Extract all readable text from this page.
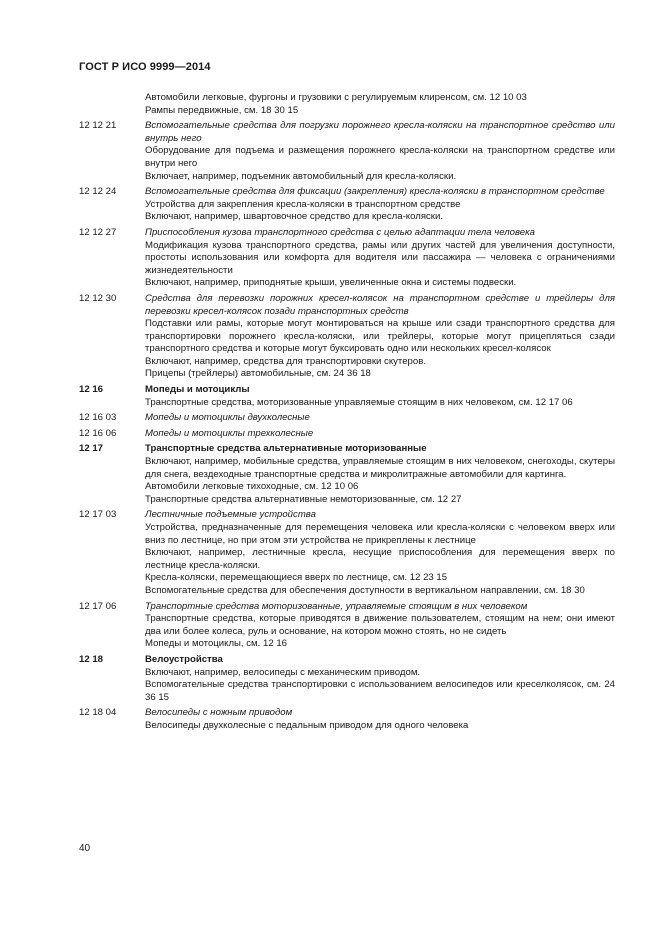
ГОСТ Р ИСО 9999—2014
Автомобили легковые, фургоны и грузовики с регулируемым клиренсом, см. 12 10 03
Рампы передвижные, см. 18 30 15
12 12 21	Вспомогательные средства для погрузки порожнего кресла-коляски на транспортное средство или внутрь него
Оборудование для подъема и размещения порожнего кресла-коляски на транспортном средстве или внутри него
Включает, например, подъемник автомобильный для кресла-коляски.
12 12 24	Вспомогательные средства для фиксации (закрепления) кресла-коляски в транспортном средстве
Устройства для закрепления кресла-коляски в транспортном средстве
Включают, например, швартовочное средство для кресла-коляски.
12 12 27	Приспособления кузова транспортного средства с целью адаптации тела человека
Модификация кузова транспортного средства, рамы или других частей для увеличения доступности, простоты использования или комфорта для водителя или пассажира — человека с ограничениями жизнедеятельности
Включают, например, приподнятые крыши, увеличенные окна и системы подвески.
12 12 30	Средства для перевозки порожних кресел-колясок на транспортном средстве и трейлеры для перевозки кресел-колясок позади транспортных средств
Подставки или рамы, которые могут монтироваться на крыше или сзади транспортного средства для транспортировки порожнего кресла-коляски, или трейлеры, которые могут прицепляться сзади транспортного средства и которые могут буксировать одно или нескольких кресел-колясок
Включают, например, средства для транспортировки скутеров.
Прицепы (трейлеры) автомобильные, см. 24 36 18
12 16	Мопеды и мотоциклы
Транспортные средства, моторизованные управляемые стоящим в них человеком, см. 12 17 06
12 16 03	Мопеды и мотоциклы двухколесные
12 16 06	Мопеды и мотоциклы трехколесные
12 17	Транспортные средства альтернативные моторизованные
Включают, например, мобильные средства, управляемые стоящим в них человеком, снегоходы, скутеры для снега, вездеходные транспортные средства и микролитражные автомобили для картинга.
Автомобили легковые тихоходные, см. 12 10 06
Транспортные средства альтернативные немоторизованные, см. 12 27
12 17 03	Лестничные подъемные устройства
Устройства, предназначенные для перемещения человека или кресла-коляски с человеком вверх или вниз по лестнице, но при этом эти устройства не прикреплены к лестнице
Включают, например, лестничные кресла, несущие приспособления для перемещения вверх по лестнице кресла-коляски.
Кресла-коляски, перемещающиеся вверх по лестнице, см. 12 23 15
Вспомогательные средства для обеспечения доступности в вертикальном направлении, см. 18 30
12 17 06	Транспортные средства моторизованные, управляемые стоящим в них человеком
Транспортные средства, которые приводятся в движение пользователем, стоящим на нем; они имеют два или более колеса, руль и основание, на котором можно стоять, но не сидеть
Мопеды и мотоциклы, см. 12 16
12 18	Велоустройства
Включают, например, велосипеды с механическим приводом.
Вспомогательные средства транспортировки с использованием велосипедов или креселколясок, см. 24 36 15
12 18 04	Велосипеды с ножным приводом
Велосипеды двухколесные с педальным приводом для одного человека
40
